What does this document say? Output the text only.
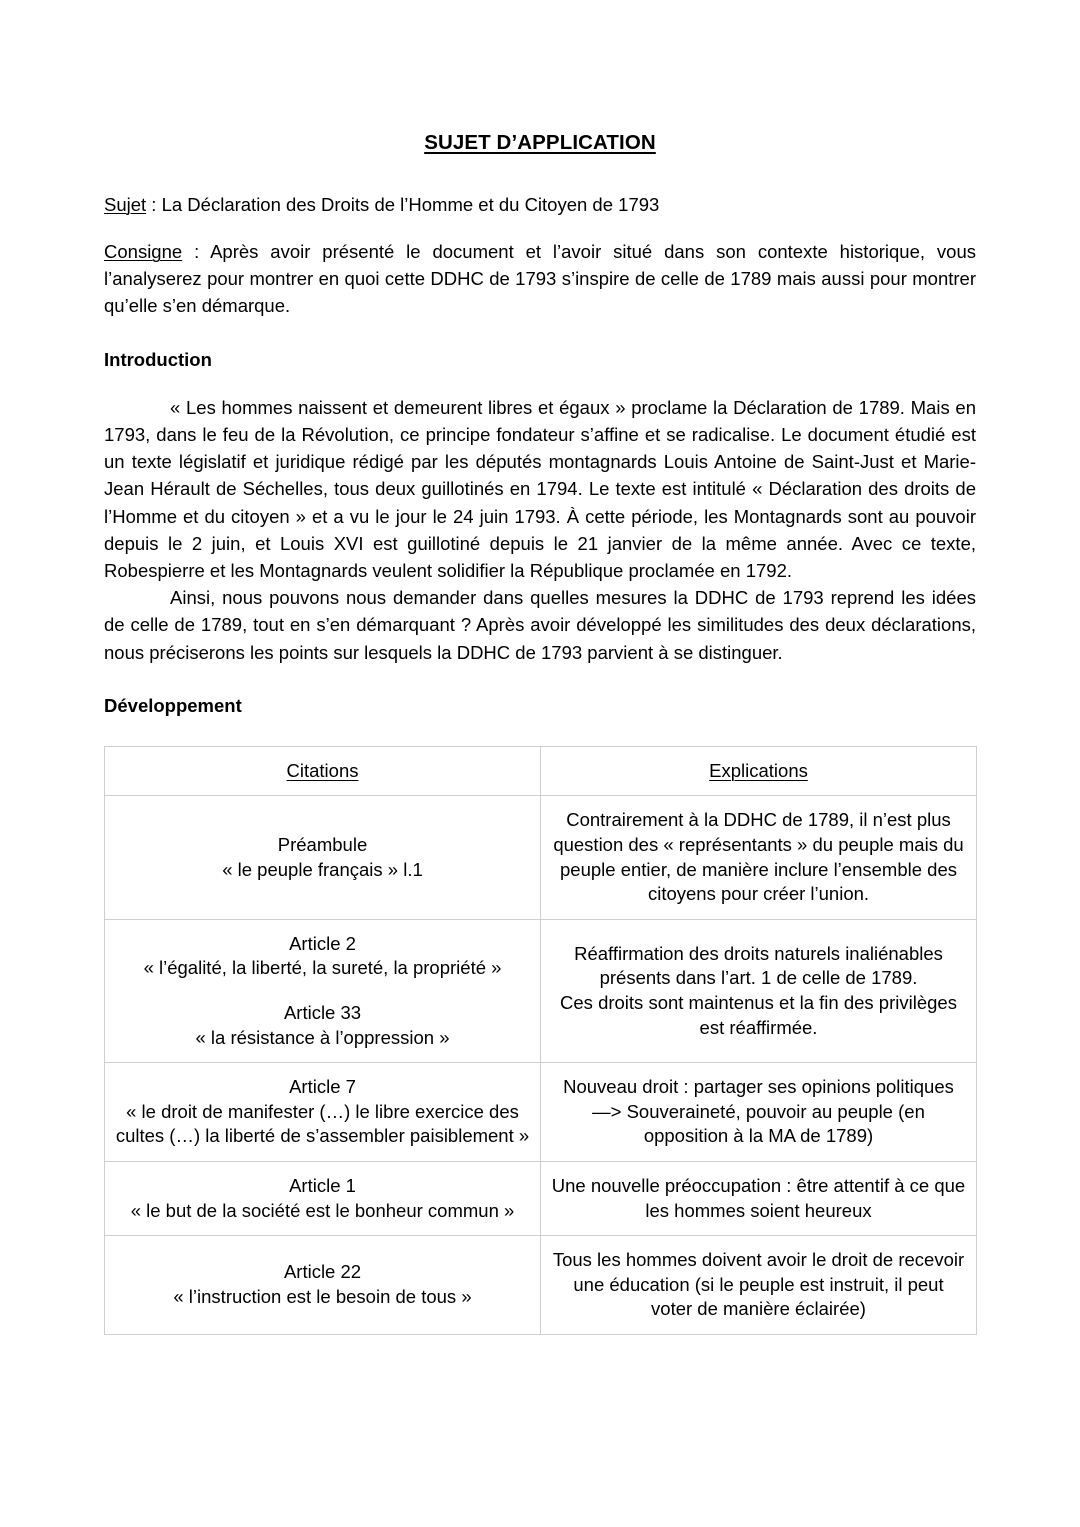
SUJET D’APPLICATION

Sujet : La Déclaration des Droits de l’Homme et du Citoyen de 1793

Consigne : Après avoir présenté le document et l’avoir situé dans son contexte historique, vous l’analyserez pour montrer en quoi cette DDHC de 1793 s’inspire de celle de 1789 mais aussi pour montrer qu’elle s’en démarque.

Introduction

« Les hommes naissent et demeurent libres et égaux » proclame la Déclaration de 1789. Mais en 1793, dans le feu de la Révolution, ce principe fondateur s’affine et se radicalise. Le document étudié est un texte législatif et juridique rédigé par les députés montagnards Louis Antoine de Saint-Just et Marie-Jean Hérault de Séchelles, tous deux guillotinés en 1794. Le texte est intitulé « Déclaration des droits de l’Homme et du citoyen » et a vu le jour le 24 juin 1793. À cette période, les Montagnards sont au pouvoir depuis le 2 juin, et Louis XVI est guillotiné depuis le 21 janvier de la même année. Avec ce texte, Robespierre et les Montagnards veulent solidifier la République proclamée en 1792.

Ainsi, nous pouvons nous demander dans quelles mesures la DDHC de 1793 reprend les idées de celle de 1789, tout en s’en démarquant ? Après avoir développé les similitudes des deux déclarations, nous préciserons les points sur lesquels la DDHC de 1793 parvient à se distinguer.

Développement
Citations	Explications

Préambule
« le peuple français » l.1	Contrairement à la DDHC de 1789, il n’est plus question des « représentants » du peuple mais du peuple entier, de manière inclure l’ensemble des citoyens pour créer l’union.

Article 2
« l’égalité, la liberté, la sureté, la propriété »
Article 33
« la résistance à l’oppression »	Réaffirmation des droits naturels inaliénables présents dans l’art. 1 de celle de 1789.
Ces droits sont maintenus et la fin des privilèges est réaffirmée.

Article 7
« le droit de manifester (…) le libre exercice des cultes (…) la liberté de s’assembler paisiblement »	Nouveau droit : partager ses opinions politiques
—> Souveraineté, pouvoir au peuple (en opposition à la MA de 1789)

Article 1
« le but de la société est le bonheur commun »	Une nouvelle préoccupation : être attentif à ce que les hommes soient heureux

Article 22
« l’instruction est le besoin de tous »	Tous les hommes doivent avoir le droit de recevoir une éducation (si le peuple est instruit, il peut voter de manière éclairée)
